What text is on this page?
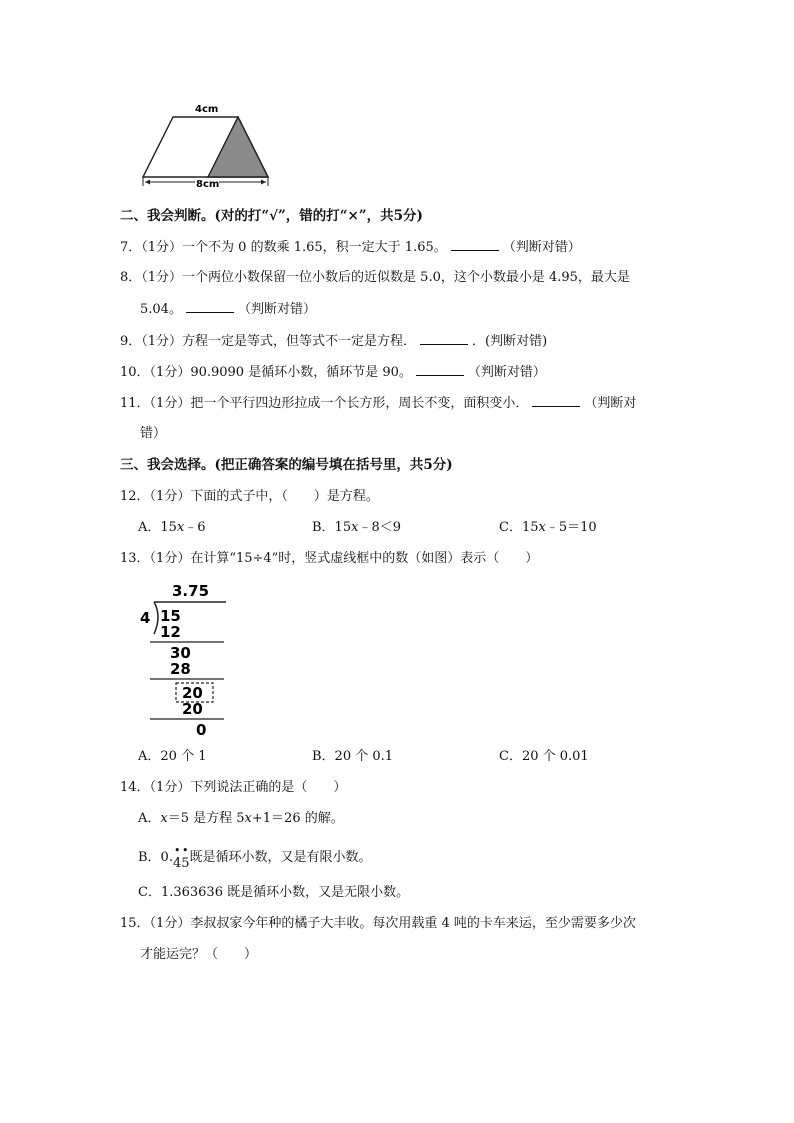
4cm
8cm
二、我会判断。(对的打“√”，错的打“×”，共5分)
7．（1分）一个不为 0 的数乘 1.65，积一定大于 1.65。	（判断对错）
8．（1分）一个两位小数保留一位小数后的近似数是 5.0，这个小数最小是 4.95，最大是
5.04。	（判断对错）
9．（1分）方程一定是等式，但等式不一定是方程．	．(判断对错)
10．（1分）90.9090 是循环小数，循环节是 90。	（判断对错）
11．（1分）把一个平行四边形拉成一个长方形，周长不变，面积变小．	（判断对
错）
三、我会选择。(把正确答案的编号填在括号里，共5分)
12．（1分）下面的式子中，（　　）是方程。
A．15x﹣6	B．15x﹣8＜9	C．15x﹣5＝10
13．（1分）在计算“15÷4”时，竖式虚线框中的数（如图）表示（　　）
3.75
4 15
12
30
28
20
20
0
A．20 个 1	B．20 个 0.1	C．20 个 0.01
14．（1分）下列说法正确的是（　　）
A．x＝5 是方程 5x+1＝26 的解。
B．0. • •
45既是循环小数，又是有限小数。
C．1.363636 既是循环小数，又是无限小数。
15．（1分）李叔叔家今年种的橘子大丰收。每次用载重 4 吨的卡车来运，至少需要多少次
才能运完？（　　）
